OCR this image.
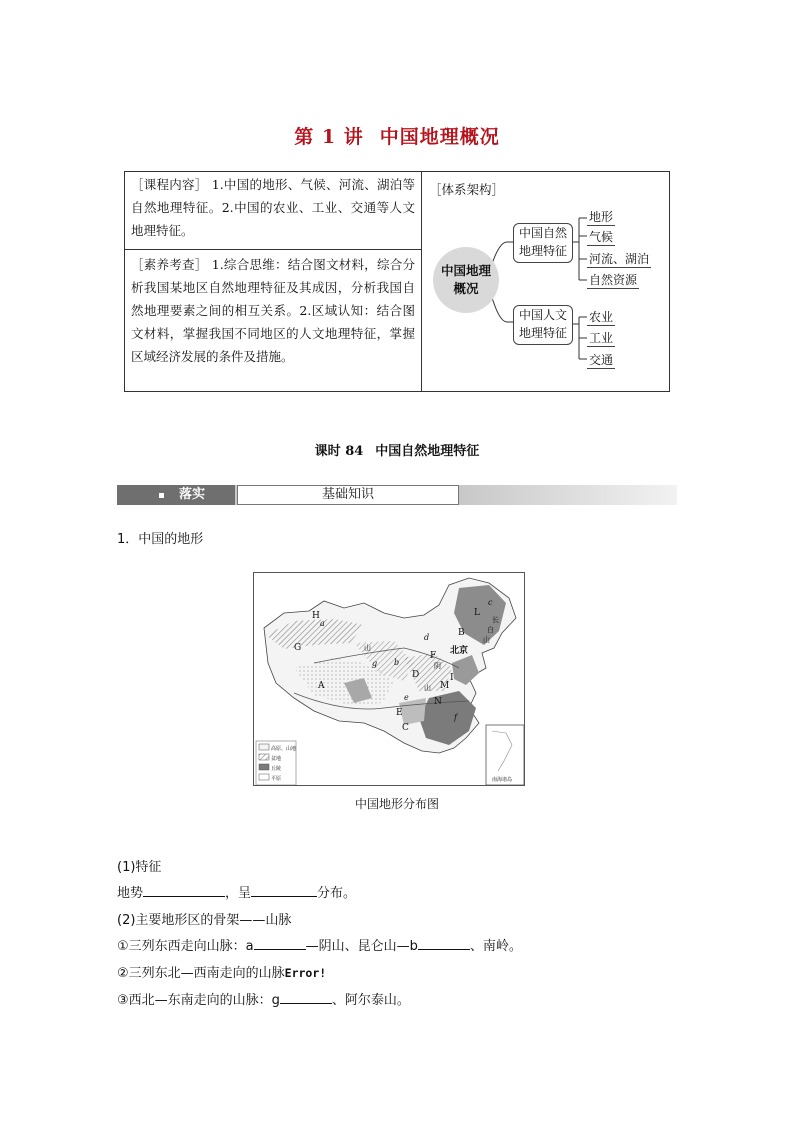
第 1 讲 中国地理概况
［课程内容］ 1.中国的地形、气候、河流、湖泊等自然地理特征。2.中国的农业、工业、交通等人文地理特征。
［素养考查］ 1.综合思维：结合图文材料，综合分析我国某地区自然地理特征及其成因，分析我国自然地理要素之间的相互关系。2.区域认知：结合图文材料，掌握我国不同地区的人文地理特征，掌握区域经济发展的条件及措施。
［体系架构］
中国地理概况
中国自然地理特征
中国人文地理特征
地形
气候
河流、湖泊
自然资源
农业
工业
交通
课时 84 中国自然地理特征
落实	基础知识
1．中国的地形
高原、山地
盆地
丘陵
平原	南海诸岛
北京
A
B
C
D
E
F
G
H
I
L
M
N
a
b
c
d
e
f
g
长
白
山
阴
山
山
中国地形分布图
(1)特征
地势	，呈	分布。
(2)主要地形区的骨架——山脉
①三列东西走向山脉：a	—阴山、昆仑山—b	、南岭。
②三列东北—西南走向的山脉Error!
③西北—东南走向的山脉：g	、阿尔泰山。
